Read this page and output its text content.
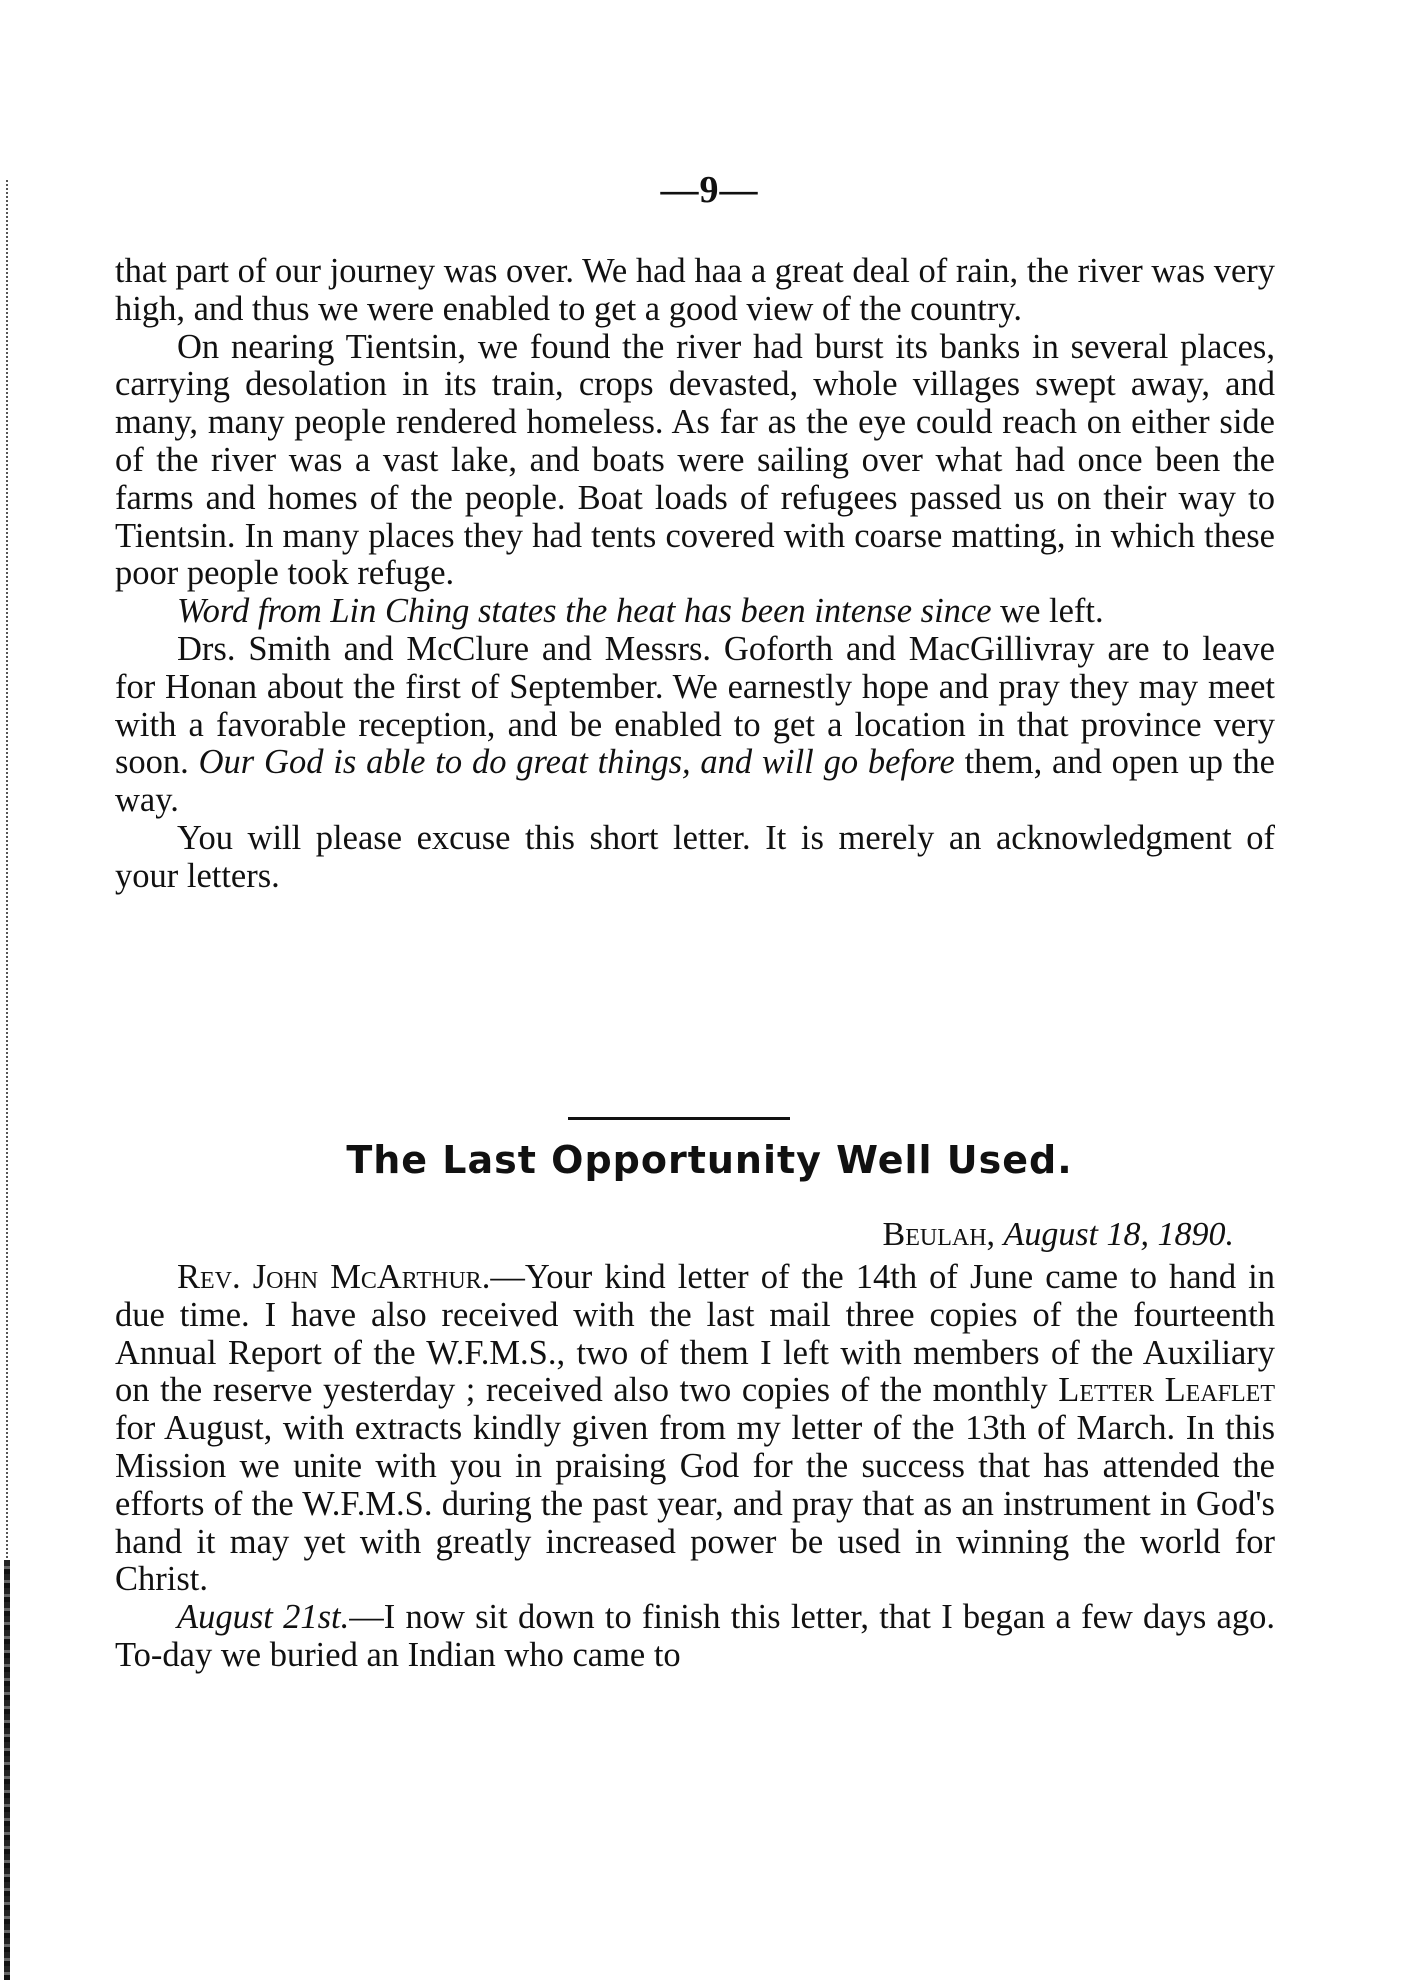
—9—

that part of our journey was over. We had haa a great deal of rain, the river was very high, and thus we were enabled to get a good view of the country.

On nearing Tientsin, we found the river had burst its banks in several places, carrying desolation in its train, crops devasted, whole villages swept away, and many, many people rendered homeless. As far as the eye could reach on either side of the river was a vast lake, and boats were sailing over what had once been the farms and homes of the people. Boat loads of refugees passed us on their way to Tientsin. In many places they had tents covered with coarse matting, in which these poor people took refuge.

Word from Lin Ching states the heat has been intense since we left.

Drs. Smith and McClure and Messrs. Goforth and MacGillivray are to leave for Honan about the first of September. We earnestly hope and pray they may meet with a favorable reception, and be enabled to get a location in that province very soon. Our God is able to do great things, and will go before them, and open up the way.

You will please excuse this short letter. It is merely an acknowledgment of your letters.

The Last Opportunity Well Used.
Beulah, August 18, 1890.

Rev. John McArthur.—Your kind letter of the 14th of June came to hand in due time. I have also received with the last mail three copies of the fourteenth Annual Report of the W.F.M.S., two of them I left with members of the Auxiliary on the reserve yesterday ; received also two copies of the monthly Letter Leaflet for August, with extracts kindly given from my letter of the 13th of March. In this Mission we unite with you in praising God for the success that has attended the efforts of the W.F.M.S. during the past year, and pray that as an instrument in God's hand it may yet with greatly increased power be used in winning the world for Christ.

August 21st.—I now sit down to finish this letter, that I began a few days ago. To-day we buried an Indian who came to
